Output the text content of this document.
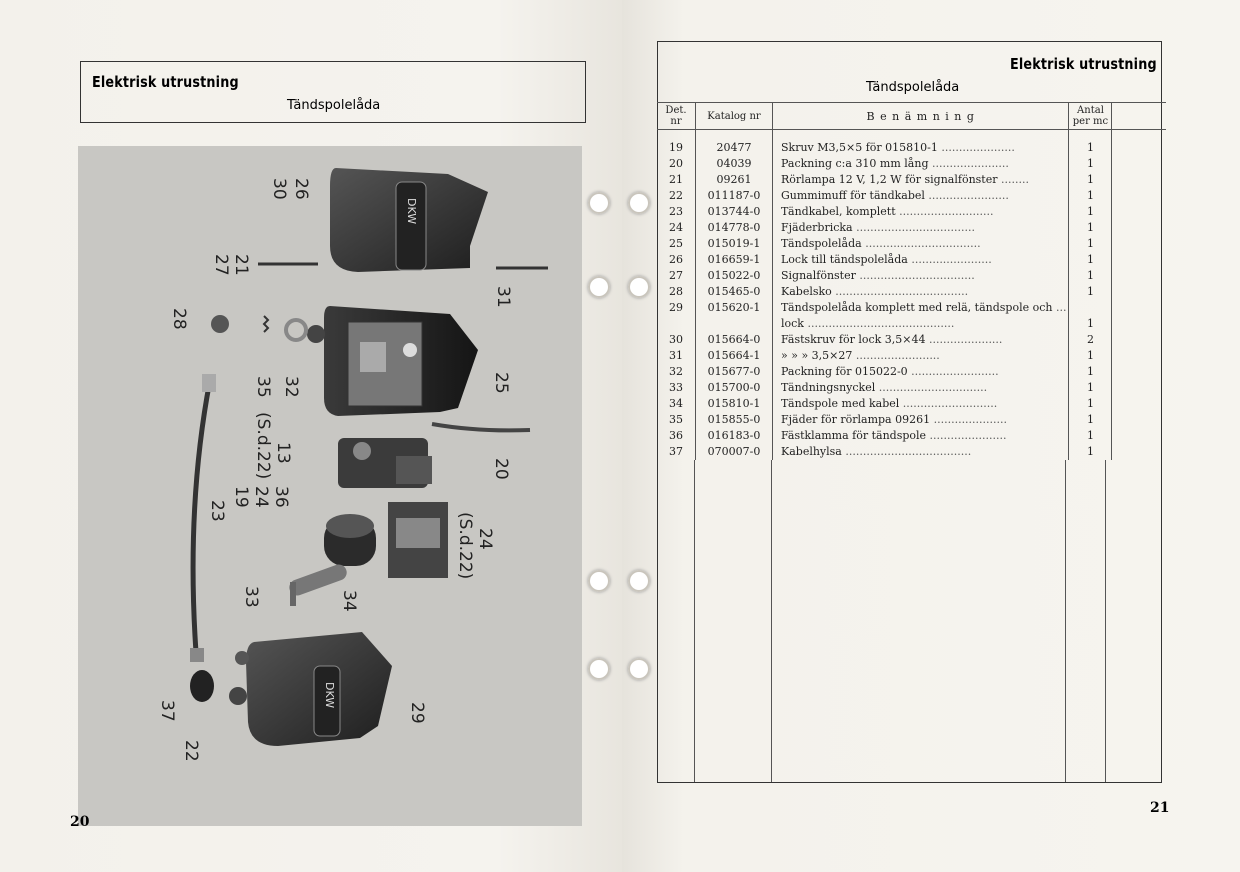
Elektrisk utrustning
Tändspolelåda
DKW
DKW
30 26
27 21
28
31
35 32	25
(S.d.22) 13
20
23
19 24 36
(S.d.22) 24
33	34
37
22
29
20
Elektrisk utrustning
Tändspolelåda
Det. nr	Katalog nr	B e n ä m n i n g	Antal per mc	

19	20477	Skruv M3,5×5 för 015810-1 .....................	1	
20	04039	Packning c:a 310 mm lång ......................	1	
21	09261	Rörlampa 12 V, 1,2 W för signalfönster ........	1	
22	011187-0	Gummimuff för tändkabel .......................	1	
23	013744-0	Tändkabel, komplett ...........................	1	
24	014778-0	Fjäderbricka ..................................	1	
25	015019-1	Tändspolelåda .................................	1	
26	016659-1	Lock till tändspolelåda .......................	1	
27	015022-0	Signalfönster .................................	1	
28	015465-0	Kabelsko ......................................	1	
29	015620-1	Tändspolelåda komplett med relä, tändspole och ...		
		lock ..........................................	1	
30	015664-0	Fästskruv för lock 3,5×44 .....................	2	
31	015664-1	» » » 3,5×27 ........................	1	
32	015677-0	Packning för 015022-0 .........................	1	
33	015700-0	Tändningsnyckel ...............................	1	
34	015810-1	Tändspole med kabel ...........................	1	
35	015855-0	Fjäder för rörlampa 09261 .....................	1	
36	016183-0	Fästklamma för tändspole ......................	1	
37	070007-0	Kabelhylsa ....................................	1	
21
